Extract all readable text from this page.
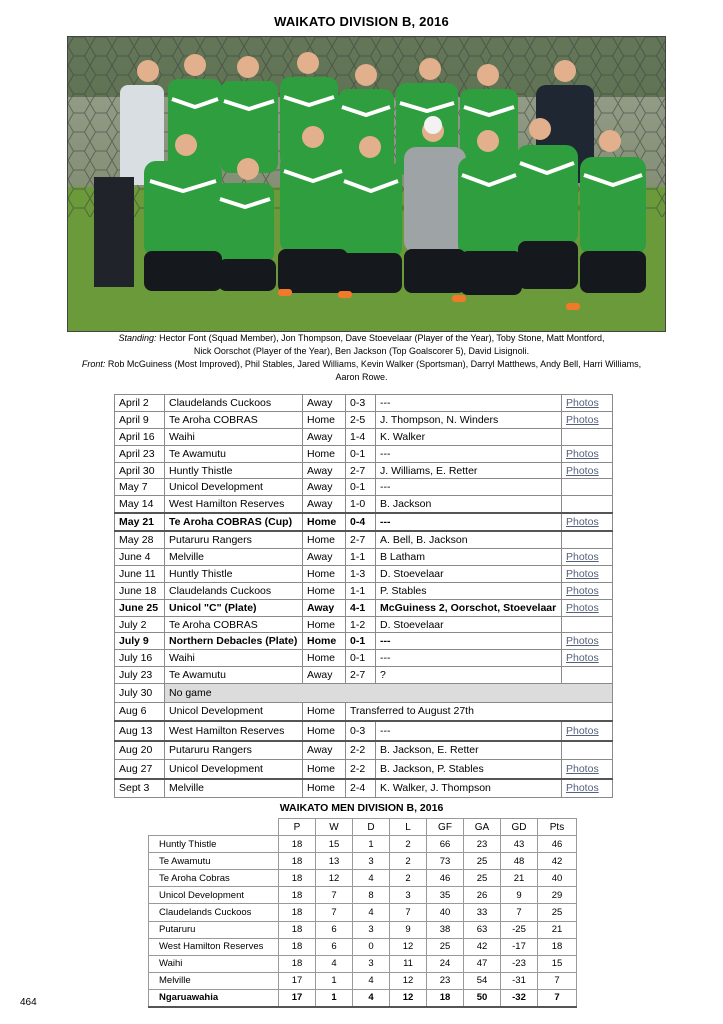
WAIKATO DIVISION B, 2016
Standing: Hector Font (Squad Member), Jon Thompson, Dave Stoevelaar (Player of the Year), Toby Stone, Matt Montford,
Nick Oorschot (Player of the Year), Ben Jackson (Top Goalscorer 5), David Lisignoli.
Front: Rob McGuiness (Most Improved), Phil Stables, Jared Williams, Kevin Walker (Sportsman), Darryl Matthews, Andy Bell, Harri Williams,
Aaron Rowe.
April 2	Claudelands Cuckoos	Away	0-3	---	Photos
April 9	Te Aroha COBRAS	Home	2-5	J. Thompson, N. Winders	Photos
April 16	Waihi	Away	1-4	K. Walker	
April 23	Te Awamutu	Home	0-1	---	Photos
April 30	Huntly Thistle	Away	2-7	J. Williams, E. Retter	Photos
May 7	Unicol Development	Away	0-1	---	
May 14	West Hamilton Reserves	Away	1-0	B. Jackson	
May 21	Te Aroha COBRAS (Cup)	Home	0-4	---	Photos
May 28	Putaruru Rangers	Home	2-7	A. Bell, B. Jackson	
June 4	Melville	Away	1-1	B Latham	Photos
June 11	Huntly Thistle	Home	1-3	D. Stoevelaar	Photos
June 18	Claudelands Cuckoos	Home	1-1	P. Stables	Photos
June 25	Unicol "C" (Plate)	Away	4-1	McGuiness 2, Oorschot, Stoevelaar	Photos
July 2	Te Aroha COBRAS	Home	1-2	D. Stoevelaar	
July 9	Northern Debacles (Plate)	Home	0-1	---	Photos
July 16	Waihi	Home	0-1	---	Photos
July 23	Te Awamutu	Away	2-7	?	
July 30	No game				
Aug 6	Unicol Development	Home	Transferred to August 27th		
Aug 13	West Hamilton Reserves	Home	0-3	---	Photos
Aug 20	Putaruru Rangers	Away	2-2	B. Jackson, E. Retter	
Aug 27	Unicol Development	Home	2-2	B. Jackson, P. Stables	Photos
Sept 3	Melville	Home	2-4	K. Walker, J. Thompson	Photos
WAIKATO MEN DIVISION B, 2016
	P	W	D	L	GF	GA	GD	Pts
Huntly Thistle	18	15	1	2	66	23	43	46
Te Awamutu	18	13	3	2	73	25	48	42
Te Aroha Cobras	18	12	4	2	46	25	21	40
Unicol Development	18	7	8	3	35	26	9	29
Claudelands Cuckoos	18	7	4	7	40	33	7	25
Putaruru	18	6	3	9	38	63	-25	21
West Hamilton Reserves	18	6	0	12	25	42	-17	18
Waihi	18	4	3	11	24	47	-23	15
Melville	17	1	4	12	23	54	-31	7
Ngaruawahia	17	1	4	12	18	50	-32	7
464
